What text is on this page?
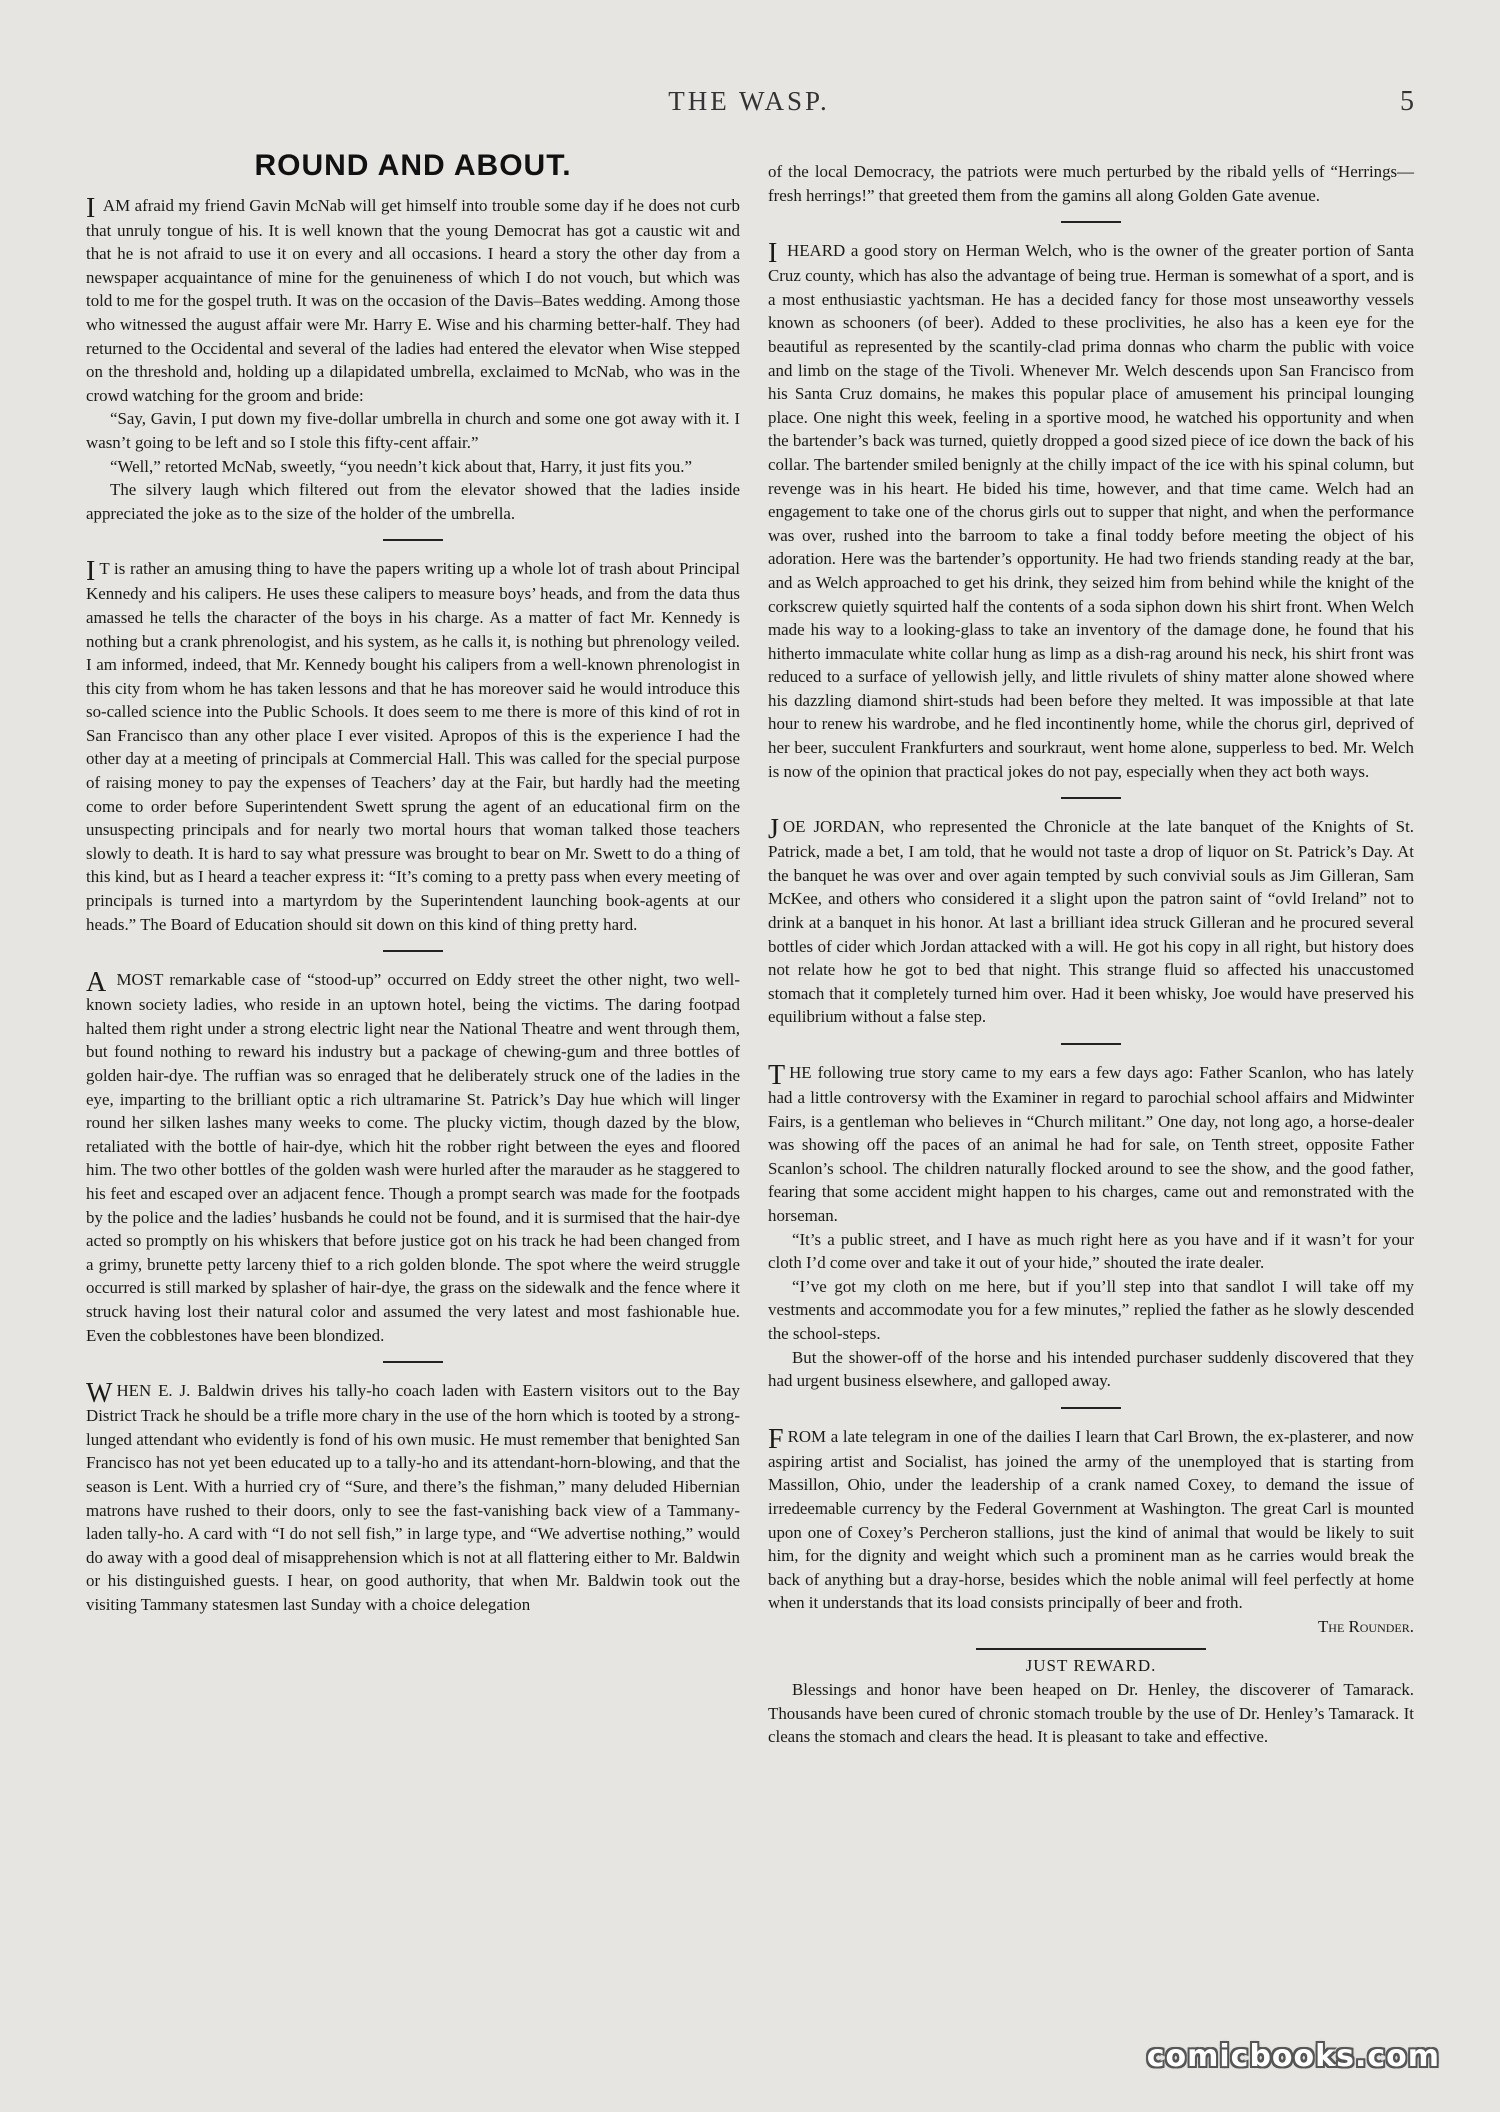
THE WASP.	5
ROUND AND ABOUT.

I AM afraid my friend Gavin McNab will get himself into trouble some day if he does not curb that unruly tongue of his. It is well known that the young Democrat has got a caustic wit and that he is not afraid to use it on every and all occasions. I heard a story the other day from a newspaper acquaintance of mine for the genuineness of which I do not vouch, but which was told to me for the gospel truth. It was on the occasion of the Davis–Bates wedding. Among those who witnessed the august affair were Mr. Harry E. Wise and his charming better-half. They had returned to the Occidental and several of the ladies had entered the elevator when Wise stepped on the threshold and, holding up a dilapidated umbrella, exclaimed to McNab, who was in the crowd watching for the groom and bride:

“Say, Gavin, I put down my five-dollar umbrella in church and some one got away with it. I wasn’t going to be left and so I stole this fifty-cent affair.”

“Well,” retorted McNab, sweetly, “you needn’t kick about that, Harry, it just fits you.”

The silvery laugh which filtered out from the elevator showed that the ladies inside appreciated the joke as to the size of the holder of the umbrella.

I T is rather an amusing thing to have the papers writing up a whole lot of trash about Principal Kennedy and his calipers. He uses these calipers to measure boys’ heads, and from the data thus amassed he tells the character of the boys in his charge. As a matter of fact Mr. Kennedy is nothing but a crank phrenologist, and his system, as he calls it, is nothing but phrenology veiled. I am informed, indeed, that Mr. Kennedy bought his calipers from a well-known phrenologist in this city from whom he has taken lessons and that he has moreover said he would introduce this so-called science into the Public Schools. It does seem to me there is more of this kind of rot in San Francisco than any other place I ever visited. Apropos of this is the experience I had the other day at a meeting of principals at Commercial Hall. This was called for the special purpose of raising money to pay the expenses of Teachers’ day at the Fair, but hardly had the meeting come to order before Superintendent Swett sprung the agent of an educational firm on the unsuspecting principals and for nearly two mortal hours that woman talked those teachers slowly to death. It is hard to say what pressure was brought to bear on Mr. Swett to do a thing of this kind, but as I heard a teacher express it: “It’s coming to a pretty pass when every meeting of principals is turned into a martyrdom by the Superintendent launching book-agents at our heads.” The Board of Education should sit down on this kind of thing pretty hard.

A MOST remarkable case of “stood-up” occurred on Eddy street the other night, two well-known society ladies, who reside in an uptown hotel, being the victims. The daring footpad halted them right under a strong electric light near the National Theatre and went through them, but found nothing to reward his industry but a package of chewing-gum and three bottles of golden hair-dye. The ruffian was so enraged that he deliberately struck one of the ladies in the eye, imparting to the brilliant optic a rich ultramarine St. Patrick’s Day hue which will linger round her silken lashes many weeks to come. The plucky victim, though dazed by the blow, retaliated with the bottle of hair-dye, which hit the robber right between the eyes and floored him. The two other bottles of the golden wash were hurled after the marauder as he staggered to his feet and escaped over an adjacent fence. Though a prompt search was made for the footpads by the police and the ladies’ husbands he could not be found, and it is surmised that the hair-dye acted so promptly on his whiskers that before justice got on his track he had been changed from a grimy, brunette petty larceny thief to a rich golden blonde. The spot where the weird struggle occurred is still marked by splasher of hair-dye, the grass on the sidewalk and the fence where it struck having lost their natural color and assumed the very latest and most fashionable hue. Even the cobblestones have been blondized.

WHEN E. J. Baldwin drives his tally-ho coach laden with Eastern visitors out to the Bay District Track he should be a trifle more chary in the use of the horn which is tooted by a strong-lunged attendant who evidently is fond of his own music. He must remember that benighted San Francisco has not yet been educated up to a tally-ho and its attendant-horn-blowing, and that the season is Lent. With a hurried cry of “Sure, and there’s the fishman,” many deluded Hibernian matrons have rushed to their doors, only to see the fast-vanishing back view of a Tammany-laden tally-ho. A card with “I do not sell fish,” in large type, and “We advertise nothing,” would do away with a good deal of misapprehension which is not at all flattering either to Mr. Baldwin or his distinguished guests. I hear, on good authority, that when Mr. Baldwin took out the visiting Tammany statesmen last Sunday with a choice delegation

of the local Democracy, the patriots were much perturbed by the ribald yells of “Herrings—fresh herrings!” that greeted them from the gamins all along Golden Gate avenue.

I HEARD a good story on Herman Welch, who is the owner of the greater portion of Santa Cruz county, which has also the advantage of being true. Herman is somewhat of a sport, and is a most enthusiastic yachtsman. He has a decided fancy for those most unseaworthy vessels known as schooners (of beer). Added to these proclivities, he also has a keen eye for the beautiful as represented by the scantily-clad prima donnas who charm the public with voice and limb on the stage of the Tivoli. Whenever Mr. Welch descends upon San Francisco from his Santa Cruz domains, he makes this popular place of amusement his principal lounging place. One night this week, feeling in a sportive mood, he watched his opportunity and when the bartender’s back was turned, quietly dropped a good sized piece of ice down the back of his collar. The bartender smiled benignly at the chilly impact of the ice with his spinal column, but revenge was in his heart. He bided his time, however, and that time came. Welch had an engagement to take one of the chorus girls out to supper that night, and when the performance was over, rushed into the barroom to take a final toddy before meeting the object of his adoration. Here was the bartender’s opportunity. He had two friends standing ready at the bar, and as Welch approached to get his drink, they seized him from behind while the knight of the corkscrew quietly squirted half the contents of a soda siphon down his shirt front. When Welch made his way to a looking-glass to take an inventory of the damage done, he found that his hitherto immaculate white collar hung as limp as a dish-rag around his neck, his shirt front was reduced to a surface of yellowish jelly, and little rivulets of shiny matter alone showed where his dazzling diamond shirt-studs had been before they melted. It was impossible at that late hour to renew his wardrobe, and he fled incontinently home, while the chorus girl, deprived of her beer, succulent Frankfurters and sourkraut, went home alone, supperless to bed. Mr. Welch is now of the opinion that practical jokes do not pay, especially when they act both ways.

JOE JORDAN, who represented the Chronicle at the late banquet of the Knights of St. Patrick, made a bet, I am told, that he would not taste a drop of liquor on St. Patrick’s Day. At the banquet he was over and over again tempted by such convivial souls as Jim Gilleran, Sam McKee, and others who considered it a slight upon the patron saint of “ovld Ireland” not to drink at a banquet in his honor. At last a brilliant idea struck Gilleran and he procured several bottles of cider which Jordan attacked with a will. He got his copy in all right, but history does not relate how he got to bed that night. This strange fluid so affected his unaccustomed stomach that it completely turned him over. Had it been whisky, Joe would have preserved his equilibrium without a false step.

THE following true story came to my ears a few days ago: Father Scanlon, who has lately had a little controversy with the Examiner in regard to parochial school affairs and Midwinter Fairs, is a gentleman who believes in “Church militant.” One day, not long ago, a horse-dealer was showing off the paces of an animal he had for sale, on Tenth street, opposite Father Scanlon’s school. The children naturally flocked around to see the show, and the good father, fearing that some accident might happen to his charges, came out and remonstrated with the horseman.

“It’s a public street, and I have as much right here as you have and if it wasn’t for your cloth I’d come over and take it out of your hide,” shouted the irate dealer.

“I’ve got my cloth on me here, but if you’ll step into that sandlot I will take off my vestments and accommodate you for a few minutes,” replied the father as he slowly descended the school-steps.

But the shower-off of the horse and his intended purchaser suddenly discovered that they had urgent business elsewhere, and galloped away.

FROM a late telegram in one of the dailies I learn that Carl Brown, the ex-plasterer, and now aspiring artist and Socialist, has joined the army of the unemployed that is starting from Massillon, Ohio, under the leadership of a crank named Coxey, to demand the issue of irredeemable currency by the Federal Government at Washington. The great Carl is mounted upon one of Coxey’s Percheron stallions, just the kind of animal that would be likely to suit him, for the dignity and weight which such a prominent man as he carries would break the back of anything but a dray-horse, besides which the noble animal will feel perfectly at home when it understands that its load consists principally of beer and froth.

The Rounder.

JUST REWARD.

Blessings and honor have been heaped on Dr. Henley, the discoverer of Tamarack. Thousands have been cured of chronic stomach trouble by the use of Dr. Henley’s Tamarack. It cleans the stomach and clears the head. It is pleasant to take and effective.

comicbooks.com
